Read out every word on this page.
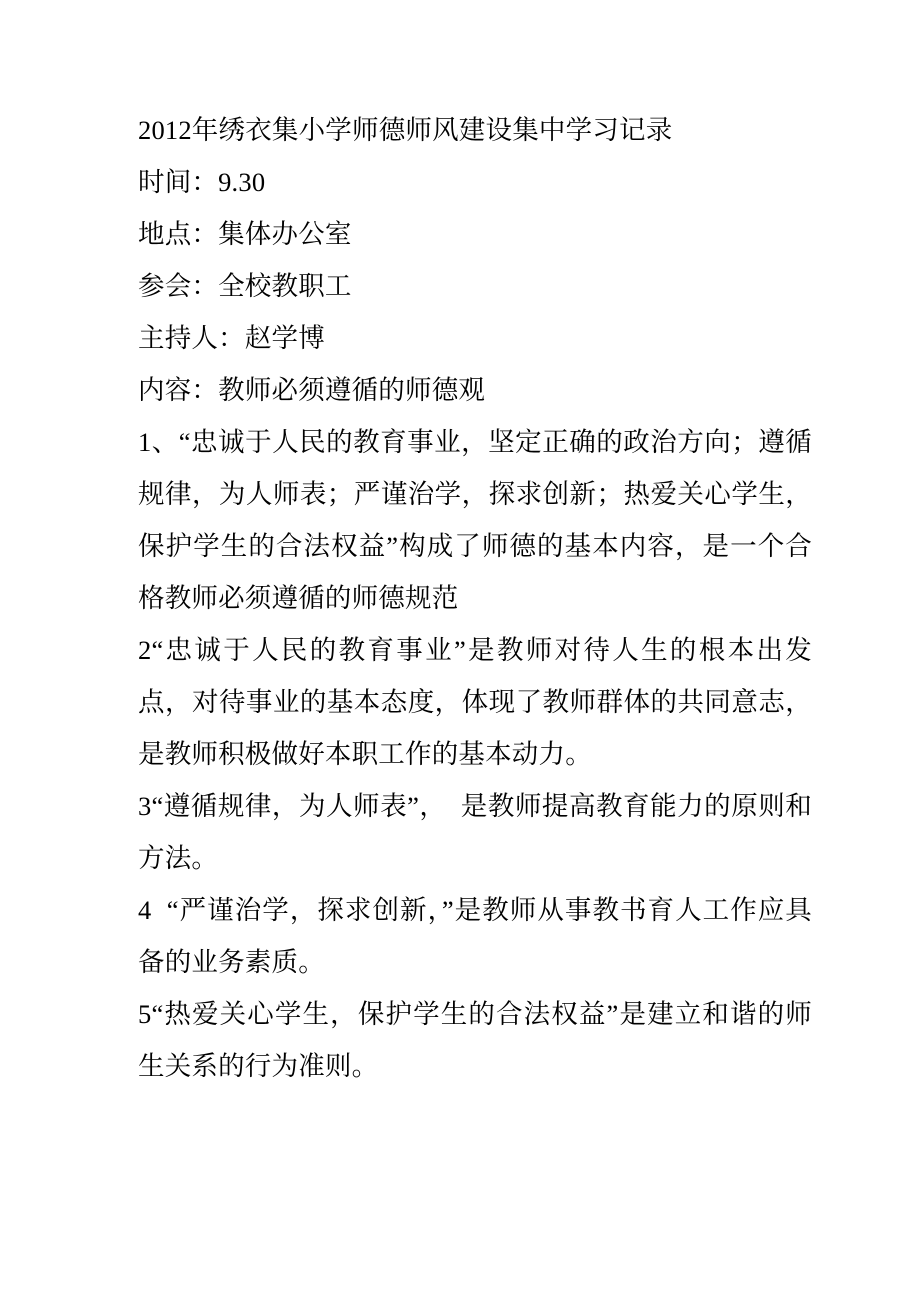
2012年绣衣集小学师德师风建设集中学习记录
时间：9.30
地点：集体办公室
参会：全校教职工
主持人：赵学博
内容：教师必须遵循的师德观

1、“忠诚于人民的教育事业，坚定正确的政治方向；遵循规律，为人师表；严谨治学，探求创新；热爱关心学生，保护学生的合法权益”构成了师德的基本内容，是一个合格教师必须遵循的师德规范

2“忠诚于人民的教育事业”是教师对待人生的根本出发点，对待事业的基本态度，体现了教师群体的共同意志，是教师积极做好本职工作的基本动力。

3“遵循规律，为人师表”，  是教师提高教育能力的原则和方法。

4  “严谨治学，探求创新，”是教师从事教书育人工作应具备的业务素质。

5“热爱关心学生，保护学生的合法权益”是建立和谐的师生关系的行为准则。
